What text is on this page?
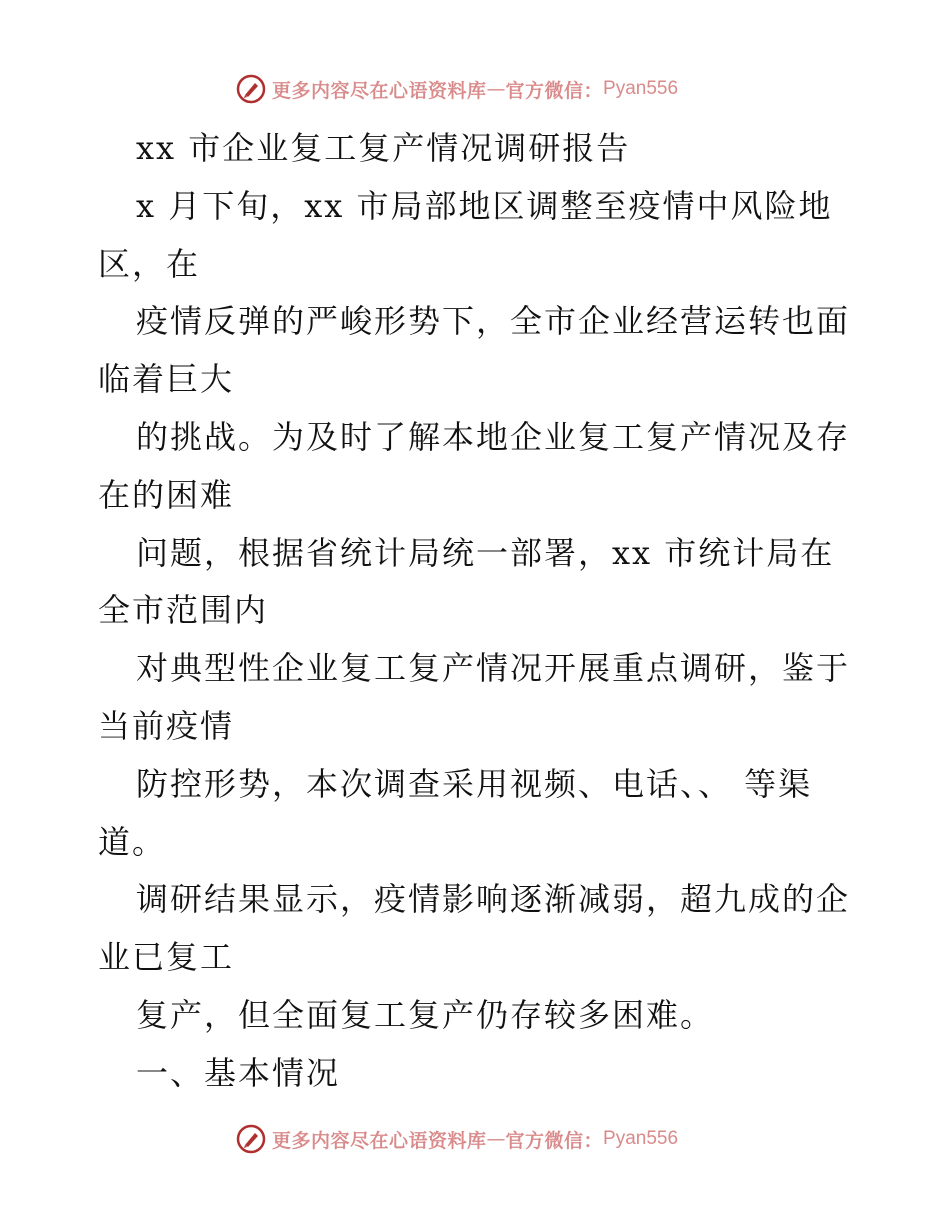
更多内容尽在心语资料库 — 官方微信： Pyan556
xx 市企业复工复产情况调研报告
x 月下旬，xx 市局部地区调整至疫情中风险地
区，在
疫情反弹的严峻形势下，全市企业经营运转也面
临着巨大
的挑战。为及时了解本地企业复工复产情况及存
在的困难
问题，根据省统计局统一部署，xx 市统计局在
全市范围内
对典型性企业复工复产情况开展重点调研，鉴于
当前疫情
防控形势，本次调查采用视频、电话、、 等渠
道。
调研结果显示，疫情影响逐渐减弱，超九成的企
业已复工
复产，但全面复工复产仍存较多困难。
一、基本情况
更多内容尽在心语资料库 — 官方微信： Pyan556
